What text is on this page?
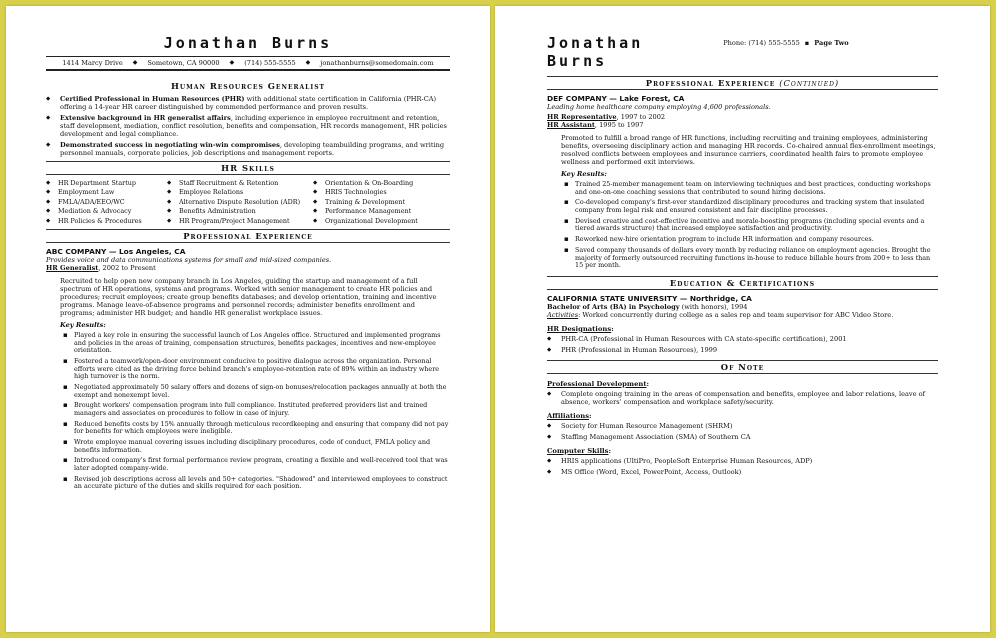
Jonathan Burns
1414 Marcy Drive ◆ Sometown, CA 90000 ◆ (714) 555-5555 ◆ jonathanburns@somedomain.com
Human Resources Generalist
◆ Certified Professional in Human Resources (PHR) with additional state certification in California (PHR-CA) offering a 14-year HR career distinguished by commended performance and proven results.
◆ Extensive background in HR generalist affairs, including experience in employee recruitment and retention, staff development, mediation, conflict resolution, benefits and compensation, HR records management, HR policies development and legal compliance.
◆ Demonstrated success in negotiating win-win compromises, developing teambuilding programs, and writing personnel manuals, corporate policies, job descriptions and management reports.
HR Skills
◆ HR Department Startup	◆ Staff Recruitment & Retention	◆ Orientation & On-Boarding
◆ Employment Law	◆ Employee Relations	◆ HRIS Technologies
◆ FMLA/ADA/EEO/WC	◆ Alternative Dispute Resolution (ADR)	◆ Training & Development
◆ Mediation & Advocacy	◆ Benefits Administration	◆ Performance Management
◆ HR Policies & Procedures	◆ HR Program/Project Management	◆ Organizational Development
Professional Experience
ABC COMPANY — Los Angeles, CA
Provides voice and data communications systems for small and mid-sized companies.
HR Generalist, 2002 to Present
Recruited to help open new company branch in Los Angeles, guiding the startup and management of a full spectrum of HR operations, systems and programs. Worked with senior management to create HR policies and procedures; recruit employees; create group benefits databases; and develop orientation, training and incentive programs. Manage leave-of-absence programs and personnel records; administer benefits enrollment and programs; administer HR budget; and handle HR generalist workplace issues.
Key Results:
▪ Played a key role in ensuring the successful launch of Los Angeles office. Structured and implemented programs and policies in the areas of training, compensation structures, benefits packages, incentives and new-employee orientation.
▪ Fostered a teamwork/open-door environment conducive to positive dialogue across the organization. Personal efforts were cited as the driving force behind branch's employee-retention rate of 89% within an industry where high turnover is the norm.
▪ Negotiated approximately 50 salary offers and dozens of sign-on bonuses/relocation packages annually at both the exempt and nonexempt level.
▪ Brought workers' compensation program into full compliance. Instituted preferred providers list and trained managers and associates on procedures to follow in case of injury.
▪ Reduced benefits costs by 15% annually through meticulous recordkeeping and ensuring that company did not pay for benefits for which employees were ineligible.
▪ Wrote employee manual covering issues including disciplinary procedures, code of conduct, FMLA policy and benefits information.
▪ Introduced company's first formal performance review program, creating a flexible and well-received tool that was later adopted company-wide.
▪ Revised job descriptions across all levels and 50+ categories. "Shadowed" and interviewed employees to construct an accurate picture of the duties and skills required for each position.
Jonathan
Burns
Phone: (714) 555-5555 ▪ Page Two
Professional Experience (Continued)
DEF COMPANY — Lake Forest, CA
Leading home healthcare company employing 4,600 professionals.
HR Representative, 1997 to 2002
HR Assistant, 1995 to 1997
Promoted to fulfill a broad range of HR functions, including recruiting and training employees, administering benefits, overseeing disciplinary action and managing HR records. Co-chaired annual flex-enrollment meetings, resolved conflicts between employees and insurance carriers, coordinated health fairs to promote employee wellness and performed exit interviews.
Key Results:
▪ Trained 25-member management team on interviewing techniques and best practices, conducting workshops and one-on-one coaching sessions that contributed to sound hiring decisions.
▪ Co-developed company's first-ever standardized disciplinary procedures and tracking system that insulated company from legal risk and ensured consistent and fair discipline processes.
▪ Devised creative and cost-effective incentive and morale-boosting programs (including special events and a tiered awards structure) that increased employee satisfaction and productivity.
▪ Reworked new-hire orientation program to include HR information and company resources.
▪ Saved company thousands of dollars every month by reducing reliance on employment agencies. Brought the majority of formerly outsourced recruiting functions in-house to reduce billable hours from 200+ to less than 15 per month.
Education & Certifications
CALIFORNIA STATE UNIVERSITY — Northridge, CA
Bachelor of Arts (BA) in Psychology (with honors), 1994
Activities: Worked concurrently during college as a sales rep and team supervisor for ABC Video Store.
HR Designations:
◆ PHR-CA (Professional in Human Resources with CA state-specific certification), 2001
◆ PHR (Professional in Human Resources), 1999
Of Note
Professional Development:
◆ Complete ongoing training in the areas of compensation and benefits, employee and labor relations, leave of absence, workers' compensation and workplace safety/security.
Affiliations:
◆ Society for Human Resource Management (SHRM)
◆ Staffing Management Association (SMA) of Southern CA
Computer Skills:
◆ HRIS applications (UltiPro, PeopleSoft Enterprise Human Resources, ADP)
◆ MS Office (Word, Excel, PowerPoint, Access, Outlook)
